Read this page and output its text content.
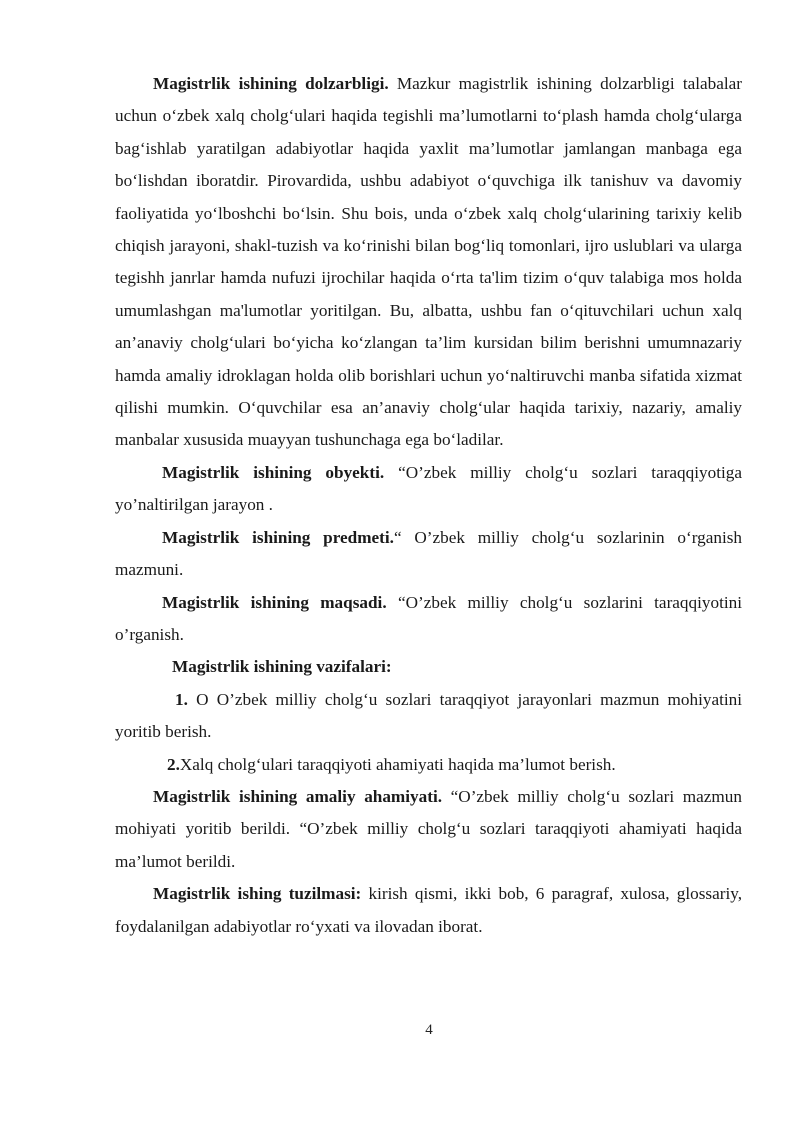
Magistrlik ishining dolzarbligi. Mazkur magistrlik ishining dolzarbligi talabalar uchun o‘zbek xalq cholg‘ulari haqida tegishli ma’lumotlarni to‘plash hamda cholg‘ularga bag‘ishlab yaratilgan adabiyotlar haqida yaxlit ma’lumotlar jamlangan manbaga ega bo‘lishdan iboratdir. Pirovardida, ushbu adabiyot o‘quvchiga ilk tanishuv va davomiy faoliyatida yo‘lboshchi bo‘lsin. Shu bois, unda o‘zbek xalq cholg‘ularining tarixiy kelib chiqish jarayoni, shakl-tuzish va ko‘rinishi bilan bog‘liq tomonlari, ijro uslublari va ularga tegishh janrlar hamda nufuzi ijrochilar haqida o‘rta ta'lim tizim o‘quv talabiga mos holda umumlashgan ma'lumotlar yoritilgan. Bu, albatta, ushbu fan o‘qituvchilari uchun xalq an’anaviy cholg‘ulari bo‘yicha ko‘zlangan ta’lim kursidan bilim berishni umumnazariy hamda amaliy idroklagan holda olib borishlari uchun yo‘naltiruvchi manba sifatida xizmat qilishi mumkin. O‘quvchilar esa an’anaviy cholg‘ular haqida tarixiy, nazariy, amaliy manbalar xususida muayyan tushunchaga ega bo‘ladilar.

Magistrlik ishining obyekti. “O’zbek milliy cholg‘u sozlari taraqqiyotiga yo’naltirilgan jarayon .

Magistrlik ishining predmeti.“ O’zbek milliy cholg‘u sozlarinin o‘rganish mazmuni.

Magistrlik ishining maqsadi. “O’zbek milliy cholg‘u sozlarini taraqqiyotini o’rganish.

Magistrlik ishining vazifalari:

1. O O’zbek milliy cholg‘u sozlari taraqqiyot jarayonlari mazmun mohiyatini yoritib berish.

2.Xalq cholg‘ulari taraqqiyoti ahamiyati haqida ma’lumot berish.

Magistrlik ishining amaliy ahamiyati. “O’zbek milliy cholg‘u sozlari mazmun mohiyati yoritib berildi. “O’zbek milliy cholg‘u sozlari taraqqiyoti ahamiyati haqida ma’lumot berildi.

Magistrlik ishing tuzilmasi: kirish qismi, ikki bob, 6 paragraf, xulosa, glossariy, foydalanilgan adabiyotlar ro‘yxati va ilovadan iborat.

4
